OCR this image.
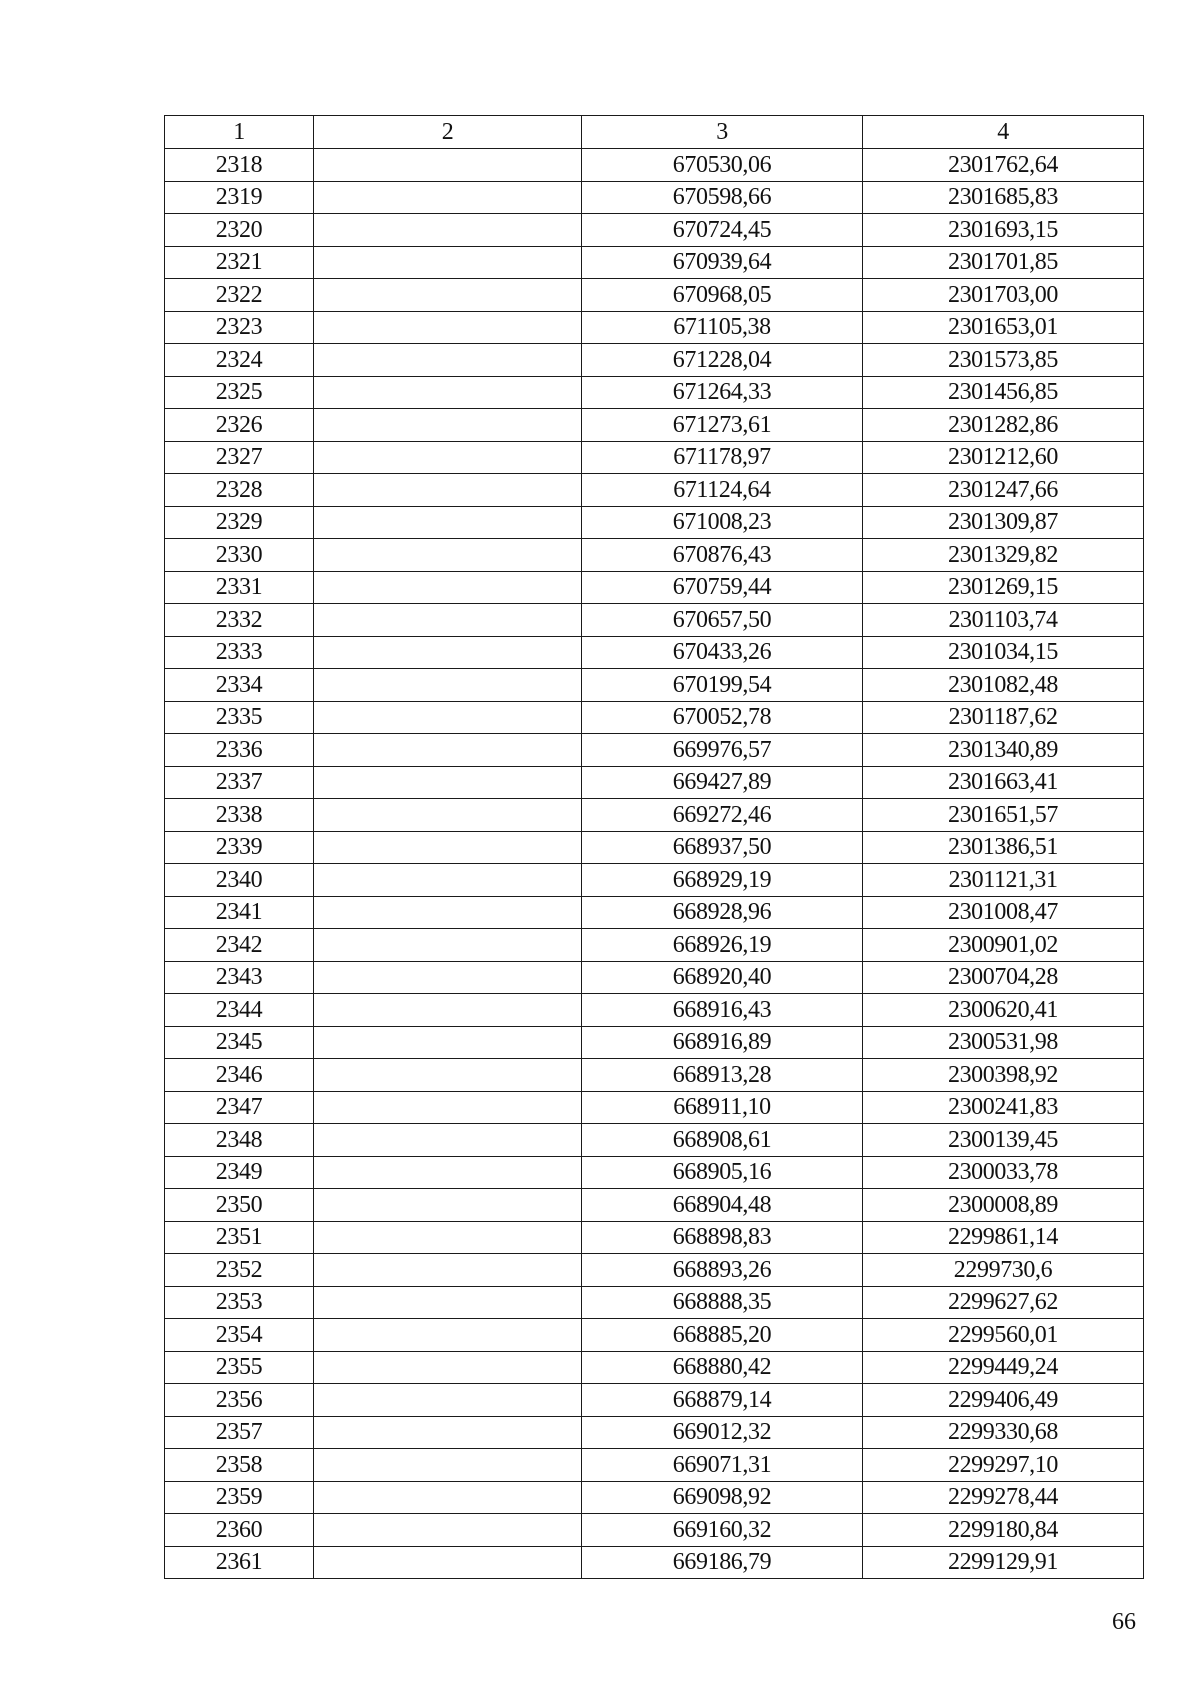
1	2	3	4
2318		670530,06	2301762,64
2319		670598,66	2301685,83
2320		670724,45	2301693,15
2321		670939,64	2301701,85
2322		670968,05	2301703,00
2323		671105,38	2301653,01
2324		671228,04	2301573,85
2325		671264,33	2301456,85
2326		671273,61	2301282,86
2327		671178,97	2301212,60
2328		671124,64	2301247,66
2329		671008,23	2301309,87
2330		670876,43	2301329,82
2331		670759,44	2301269,15
2332		670657,50	2301103,74
2333		670433,26	2301034,15
2334		670199,54	2301082,48
2335		670052,78	2301187,62
2336		669976,57	2301340,89
2337		669427,89	2301663,41
2338		669272,46	2301651,57
2339		668937,50	2301386,51
2340		668929,19	2301121,31
2341		668928,96	2301008,47
2342		668926,19	2300901,02
2343		668920,40	2300704,28
2344		668916,43	2300620,41
2345		668916,89	2300531,98
2346		668913,28	2300398,92
2347		668911,10	2300241,83
2348		668908,61	2300139,45
2349		668905,16	2300033,78
2350		668904,48	2300008,89
2351		668898,83	2299861,14
2352		668893,26	2299730,6
2353		668888,35	2299627,62
2354		668885,20	2299560,01
2355		668880,42	2299449,24
2356		668879,14	2299406,49
2357		669012,32	2299330,68
2358		669071,31	2299297,10
2359		669098,92	2299278,44
2360		669160,32	2299180,84
2361		669186,79	2299129,91
66
